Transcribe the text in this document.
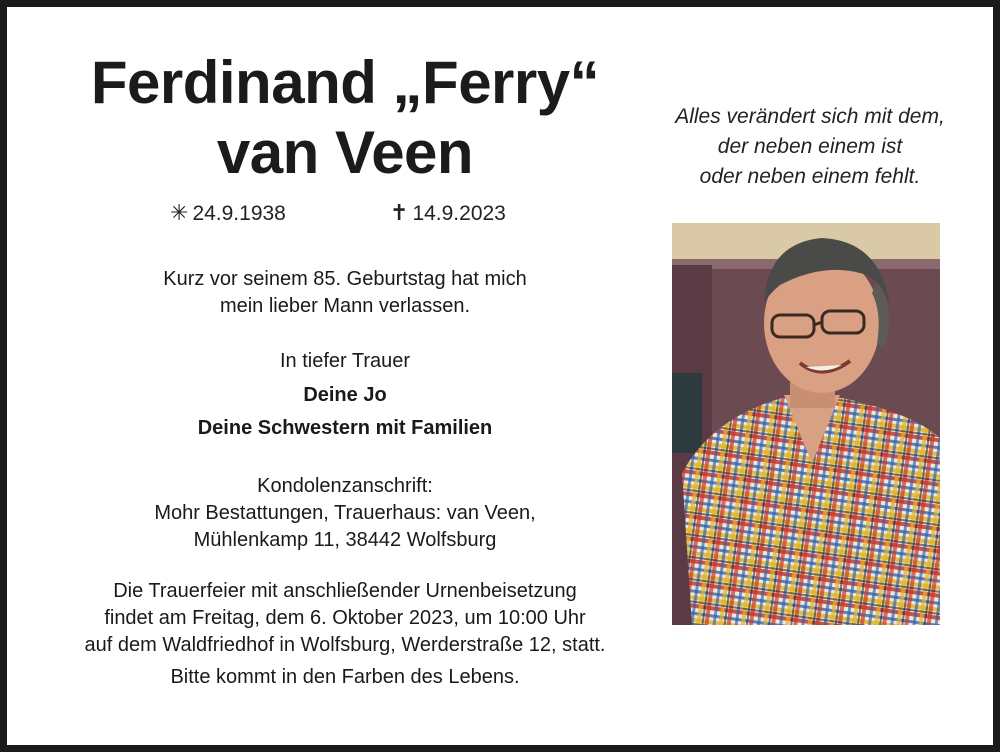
Ferdinand „Ferry“
van Veen
✳ 24.9.1938	✝ 14.9.2023
Kurz vor seinem 85. Geburtstag hat mich
mein lieber Mann verlassen.
In tiefer Trauer
Deine Jo
Deine Schwestern mit Familien
Kondolenzanschrift:
Mohr Bestattungen, Trauerhaus: van Veen,
Mühlenkamp 11, 38442 Wolfsburg
Die Trauerfeier mit anschließender Urnenbeisetzung
findet am Freitag, dem 6. Oktober 2023, um 10:00 Uhr
auf dem Waldfriedhof in Wolfsburg, Werderstraße 12, statt.
Bitte kommt in den Farben des Lebens.
Alles verändert sich mit dem,
der neben einem ist
oder neben einem fehlt.
